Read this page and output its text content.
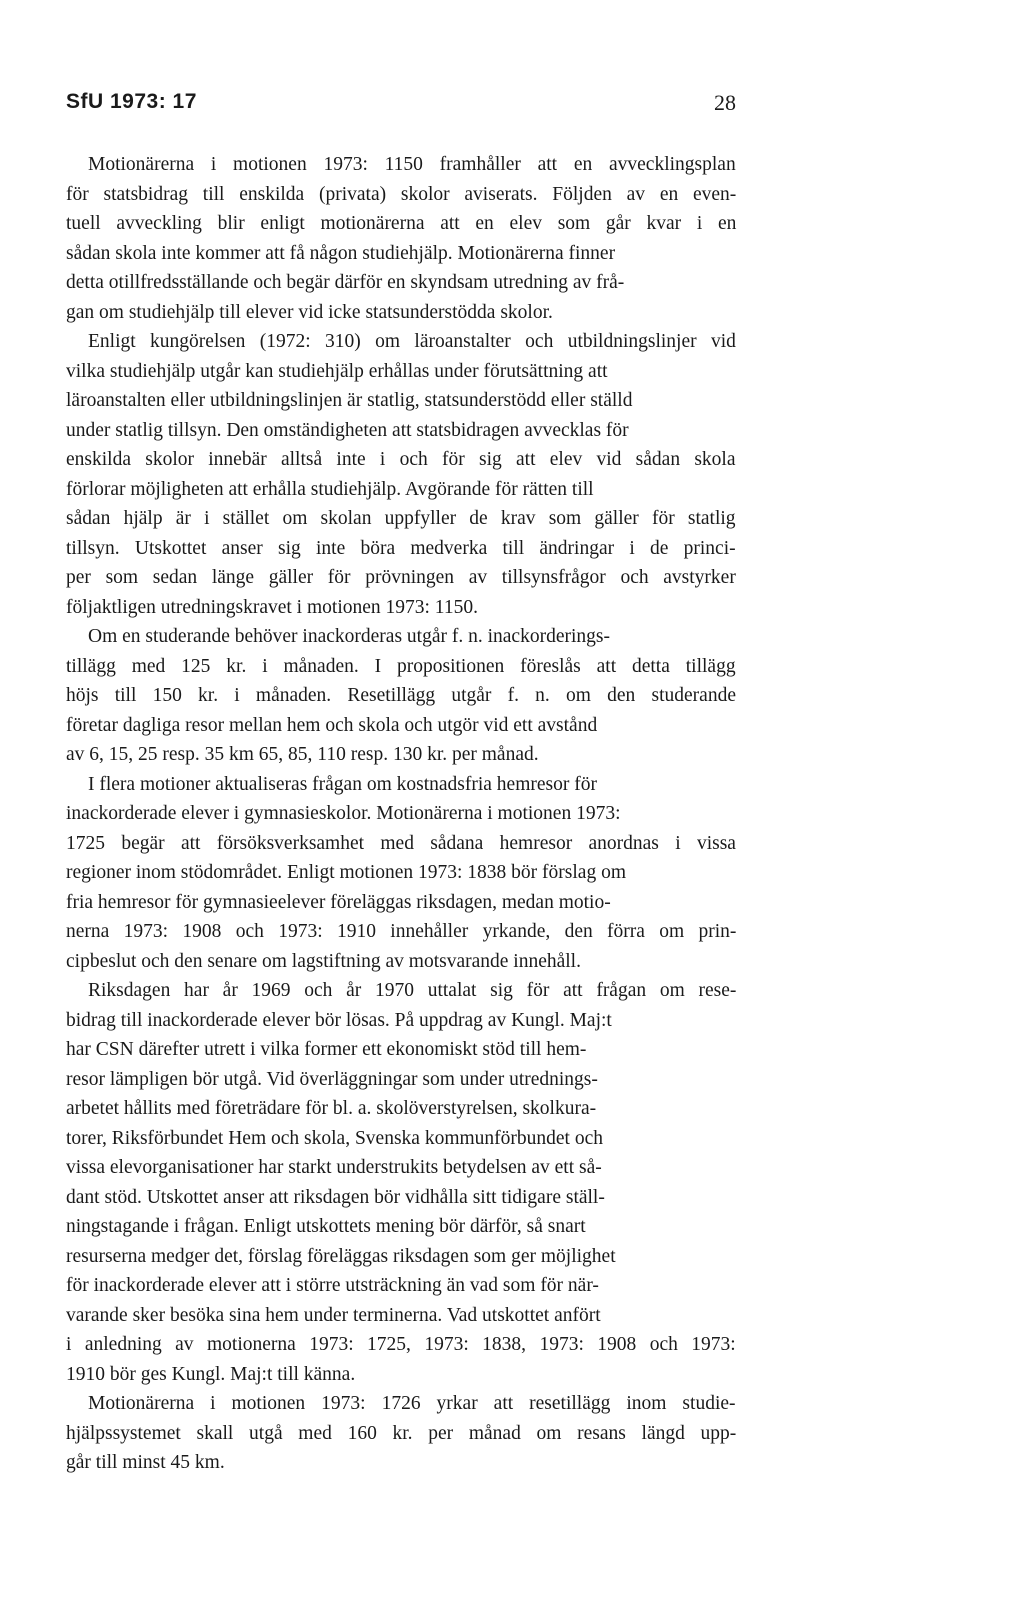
SfU 1973: 17	28
Motionärerna i motionen 1973: 1150 framhåller att en avvecklingsplan
för statsbidrag till enskilda (privata) skolor aviserats. Följden av en even-
tuell avveckling blir enligt motionärerna att en elev som går kvar i en
sådan skola inte kommer att få någon studiehjälp. Motionärerna finner
detta otillfredsställande och begär därför en skyndsam utredning av frå-
gan om studiehjälp till elever vid icke statsunderstödda skolor.
Enligt kungörelsen (1972: 310) om läroanstalter och utbildningslinjer vid
vilka studiehjälp utgår kan studiehjälp erhållas under förutsättning att
läroanstalten eller utbildningslinjen är statlig, statsunderstödd eller ställd
under statlig tillsyn. Den omständigheten att statsbidragen avvecklas för
enskilda skolor innebär alltså inte i och för sig att elev vid sådan skola
förlorar möjligheten att erhålla studiehjälp. Avgörande för rätten till
sådan hjälp är i stället om skolan uppfyller de krav som gäller för statlig
tillsyn. Utskottet anser sig inte böra medverka till ändringar i de princi-
per som sedan länge gäller för prövningen av tillsynsfrågor och avstyrker
följaktligen utredningskravet i motionen 1973: 1150.
Om en studerande behöver inackorderas utgår f. n. inackorderings-
tillägg med 125 kr. i månaden. I propositionen föreslås att detta tillägg
höjs till 150 kr. i månaden. Resetillägg utgår f. n. om den studerande
företar dagliga resor mellan hem och skola och utgör vid ett avstånd
av 6, 15, 25 resp. 35 km 65, 85, 110 resp. 130 kr. per månad.
I flera motioner aktualiseras frågan om kostnadsfria hemresor för
inackorderade elever i gymnasieskolor. Motionärerna i motionen 1973:
1725 begär att försöksverksamhet med sådana hemresor anordnas i vissa
regioner inom stödområdet. Enligt motionen 1973: 1838 bör förslag om
fria hemresor för gymnasieelever föreläggas riksdagen, medan motio-
nerna 1973: 1908 och 1973: 1910 innehåller yrkande, den förra om prin-
cipbeslut och den senare om lagstiftning av motsvarande innehåll.
Riksdagen har år 1969 och år 1970 uttalat sig för att frågan om rese-
bidrag till inackorderade elever bör lösas. På uppdrag av Kungl. Maj:t
har CSN därefter utrett i vilka former ett ekonomiskt stöd till hem-
resor lämpligen bör utgå. Vid överläggningar som under utrednings-
arbetet hållits med företrädare för bl. a. skolöverstyrelsen, skolkura-
torer, Riksförbundet Hem och skola, Svenska kommunförbundet och
vissa elevorganisationer har starkt understrukits betydelsen av ett så-
dant stöd. Utskottet anser att riksdagen bör vidhålla sitt tidigare ställ-
ningstagande i frågan. Enligt utskottets mening bör därför, så snart
resurserna medger det, förslag föreläggas riksdagen som ger möjlighet
för inackorderade elever att i större utsträckning än vad som för när-
varande sker besöka sina hem under terminerna. Vad utskottet anfört
i anledning av motionerna 1973: 1725, 1973: 1838, 1973: 1908 och 1973:
1910 bör ges Kungl. Maj:t till känna.
Motionärerna i motionen 1973: 1726 yrkar att resetillägg inom studie-
hjälpssystemet skall utgå med 160 kr. per månad om resans längd upp-
går till minst 45 km.
